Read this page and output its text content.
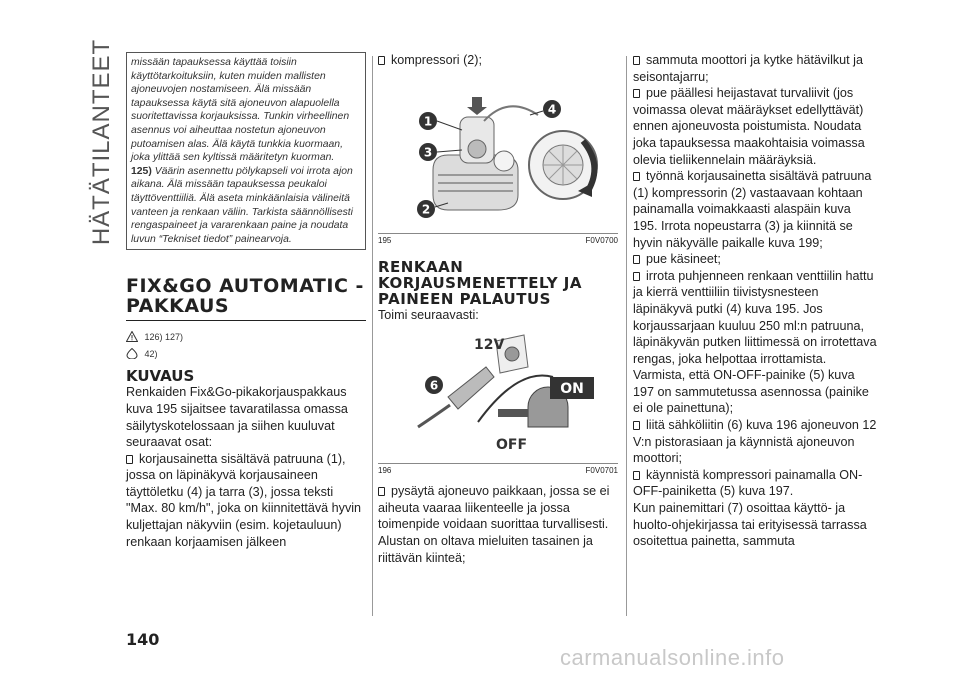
HÄTÄTILANTEET missään tapauksessa käyttää toisiin käyttötarkoituksiin, kuten muiden mallisten ajoneuvojen nostamiseen. Älä missään tapauksessa käytä sitä ajoneuvon alapuolella suoritettavissa korjauksissa. Tunkin virheellinen asennus voi aiheuttaa nostetun ajoneuvon putoamisen alas. Älä käytä tunkkia kuormaan, joka ylittää sen kyltissä määritetyn kuorman.
125) Väärin asennettu pölykapseli voi irrota ajon aikana. Älä missään tapauksessa peukaloi täyttöventtiiliä. Älä aseta minkäänlaisia välineitä vanteen ja renkaan väliin. Tarkista säännöllisesti rengaspaineet ja vararenkaan paine ja noudata luvun “Tekniset tiedot” painearvoja.
FIX&GO AUTOMATIC -PAKKAUS
126) 127)
42)
KUVAUS
Renkaiden Fix&Go-pikakorjauspakkaus kuva 195 sijaitsee tavaratilassa omassa säilytyskotelossaan ja siihen kuuluvat seuraavat osat:
korjausainetta sisältävä patruuna (1), jossa on läpinäkyvä korjausaineen täyttöletku (4) ja tarra (3), jossa teksti "Max. 80 km/h", joka on kiinnitettävä hyvin kuljettajan näkyviin (esim. kojetauluun) renkaan korjaamisen jälkeen
kompressori (2);
1
3
2
4
195	F0V0700
RENKAAN KORJAUSMENETTELY JA PAINEEN PALAUTUS
Toimi seuraavasti:
12V
6	ON
OFF
196	F0V0701
pysäytä ajoneuvo paikkaan, jossa se ei aiheuta vaaraa liikenteelle ja jossa toimenpide voidaan suorittaa turvallisesti. Alustan on oltava mieluiten tasainen ja riittävän kiinteä;
sammuta moottori ja kytke hätävilkut ja seisontajarru;
pue päällesi heijastavat turvaliivit (jos voimassa olevat määräykset edellyttävät) ennen ajoneuvosta poistumista. Noudata joka tapauksessa maakohtaisia voimassa olevia tieliikennelain määräyksiä.
työnnä korjausainetta sisältävä patruuna (1) kompressorin (2) vastaavaan kohtaan painamalla voimakkaasti alaspäin kuva 195. Irrota nopeustarra (3) ja kiinnitä se hyvin näkyvälle paikalle kuva 199;
pue käsineet;
irrota puhjenneen renkaan venttiilin hattu ja kierrä venttiiliin tiivistysnesteen läpinäkyvä putki (4) kuva 195. Jos korjaussarjaan kuuluu 250 ml:n patruuna, läpinäkyvän putken liittimessä on irrotettava rengas, joka helpottaa irrottamista. Varmista, että ON-OFF-painike (5) kuva 197 on sammutetussa asennossa (painike ei ole painettuna);
liitä sähköliitin (6) kuva 196 ajoneuvon 12 V:n pistorasiaan ja käynnistä ajoneuvon moottori;
käynnistä kompressori painamalla ON-OFF-painiketta (5) kuva 197.
Kun painemittari (7) osoittaa käyttö- ja huolto-ohjekirjassa tai erityisessä tarrassa osoitettua painetta, sammuta
140
carmanualsonline.info
